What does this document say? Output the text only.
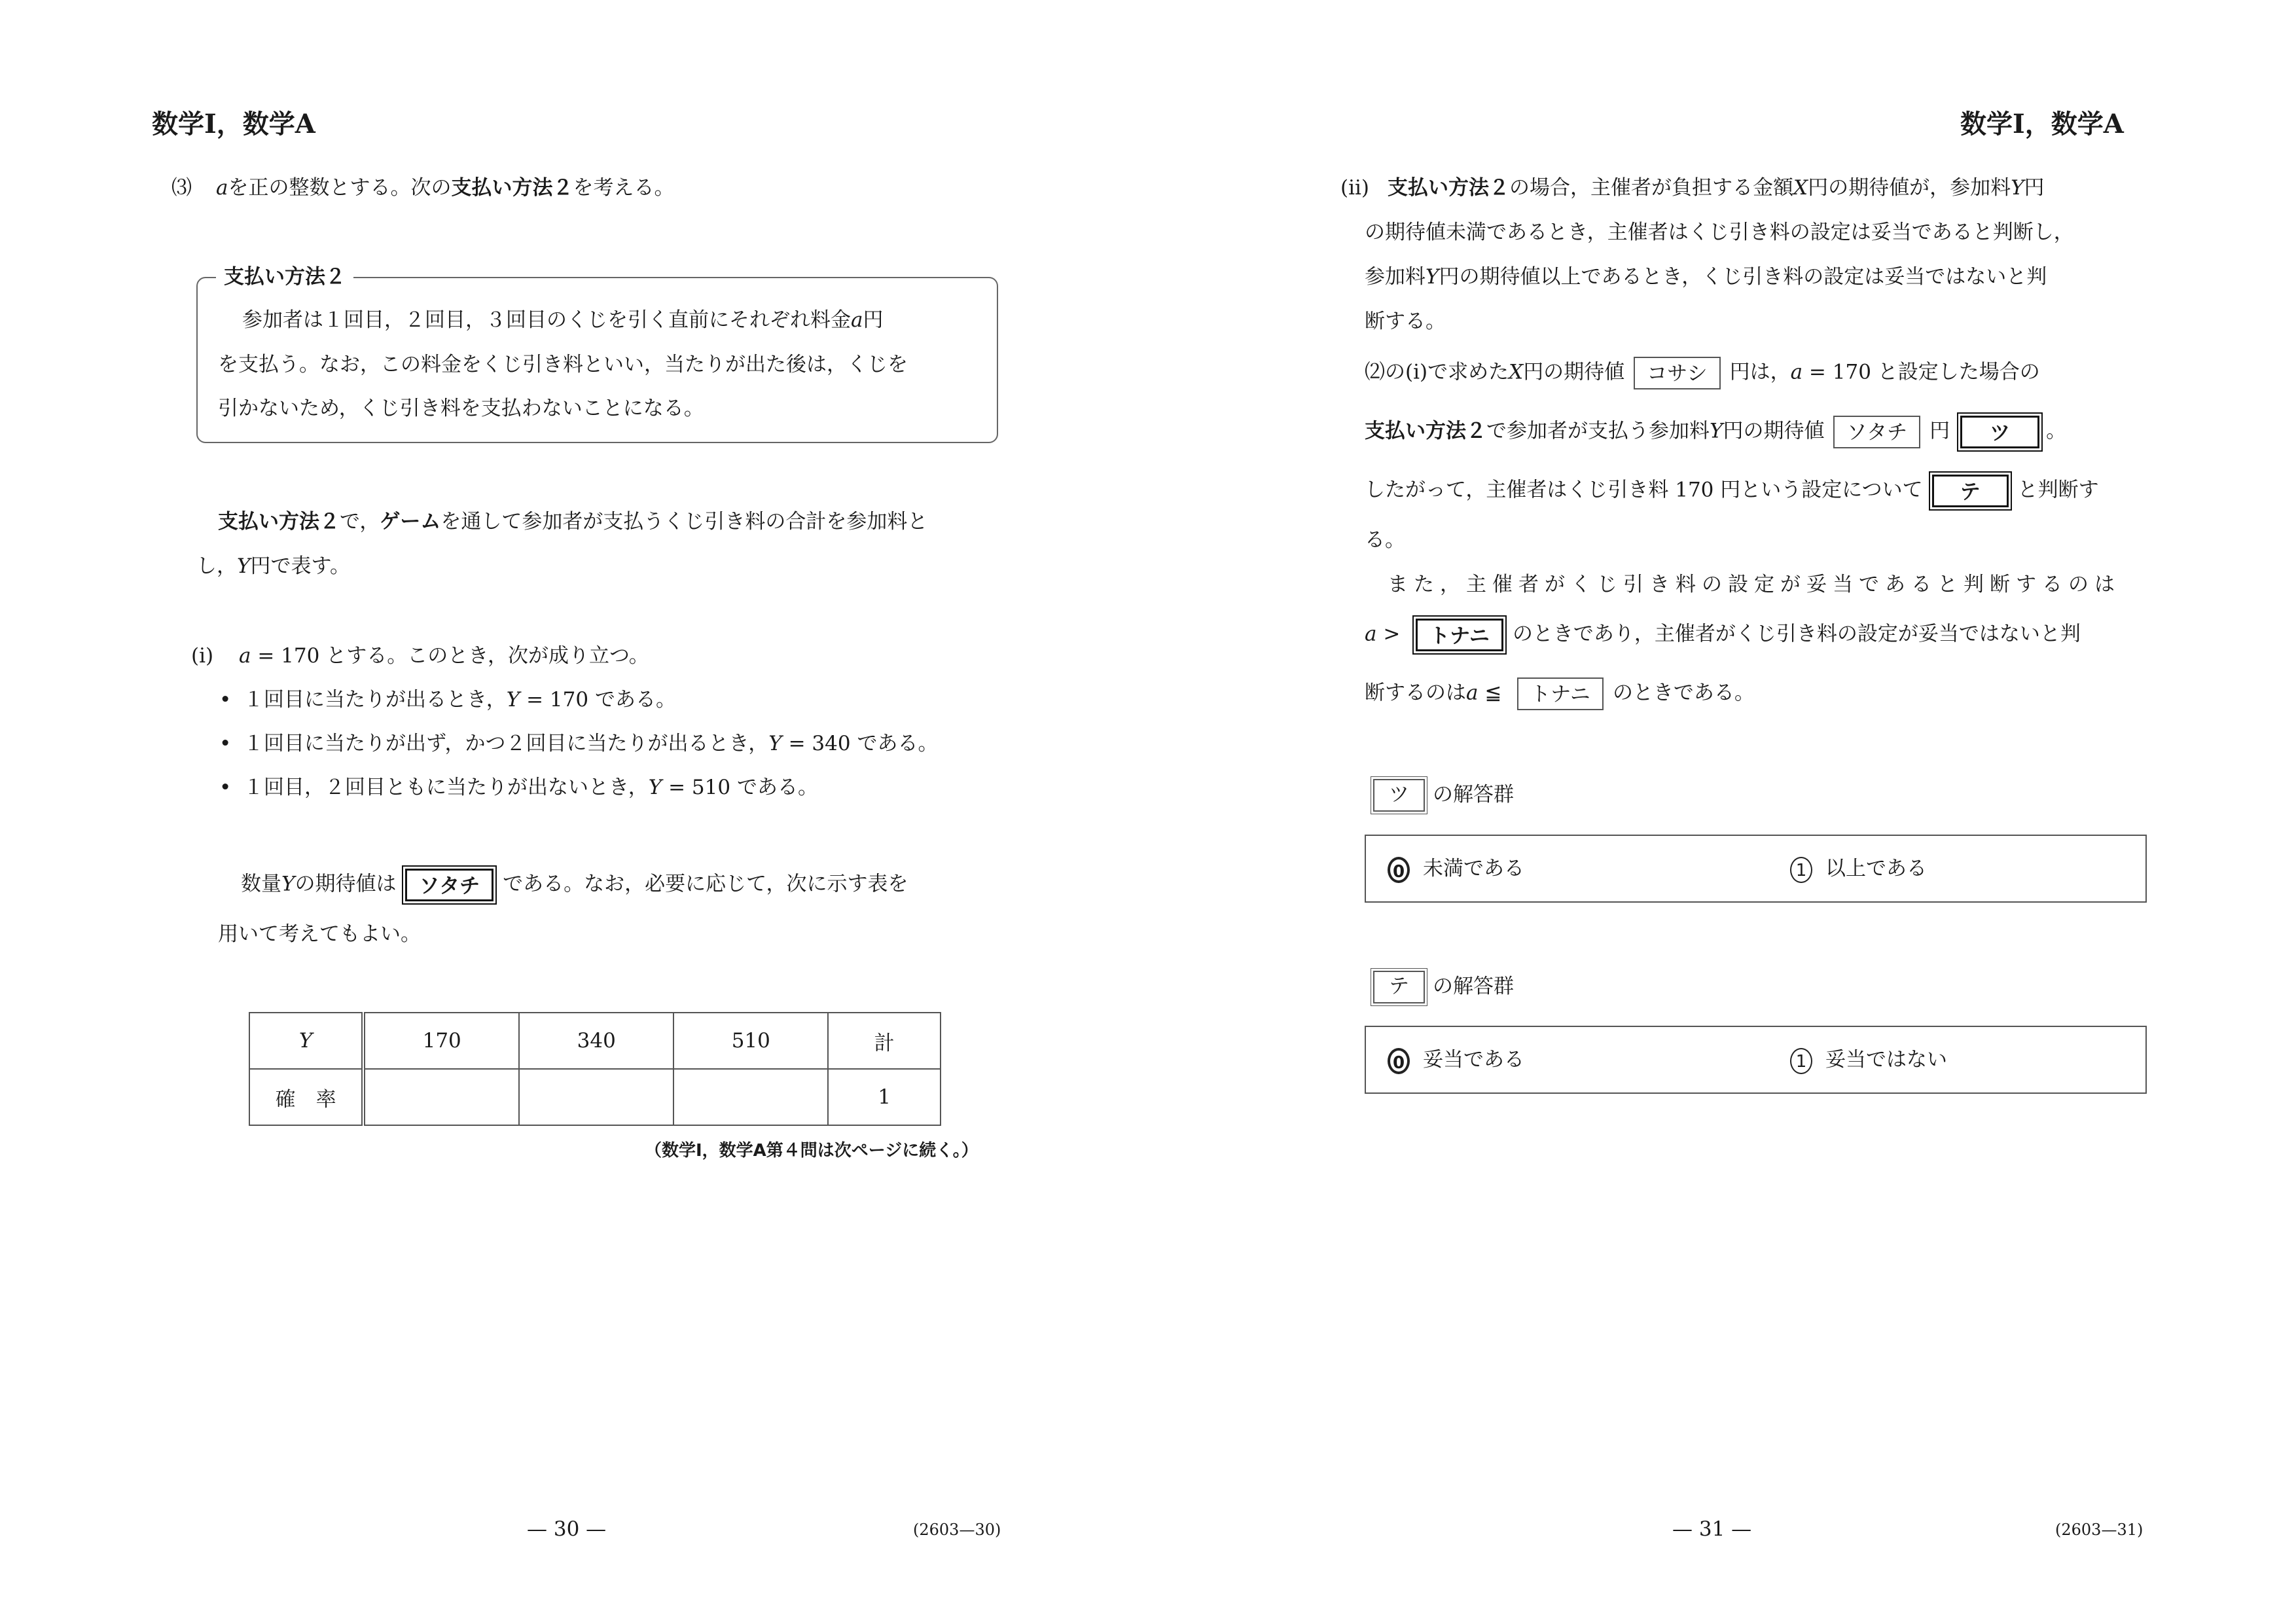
数学Ⅰ，数学A
⑶ aを正の整数とする。次の支払い方法２を考える。
支払い方法２
参加者は１回目，２回目，３回目のくじを引く直前にそれぞれ料金a円
を支払う。なお，この料金をくじ引き料といい，当たりが出た後は，くじを
引かないため，くじ引き料を支払わないことになる。
支払い方法２で，ゲームを通して参加者が支払うくじ引き料の合計を参加料と
し，Y円で表す。
(i) a = 170 とする。このとき，次が成り立つ。
• １回目に当たりが出るとき，Y = 170 である。
• １回目に当たりが出ず，かつ２回目に当たりが出るとき，Y = 340 である。
• １回目，２回目ともに当たりが出ないとき，Y = 510 である。
数量Yの期待値は ソタチ である。なお，必要に応じて，次に示す表を
用いて考えてもよい。
Y	170	340	510	計
確　率				1
（数学Ⅰ，数学A第４問は次ページに続く。）
— 30 —	(2603—30)
数学Ⅰ，数学A
(ii) 支払い方法２の場合，主催者が負担する金額X円の期待値が，参加料Y円
の期待値未満であるとき，主催者はくじ引き料の設定は妥当であると判断し，
参加料Y円の期待値以上であるとき，くじ引き料の設定は妥当ではないと判
断する。
⑵の(i)で求めたX円の期待値 コサシ 円は，a = 170 と設定した場合の
支払い方法２で参加者が支払う参加料Y円の期待値 ソタチ 円 ツ 。
したがって，主催者はくじ引き料 170 円という設定について テ と判断す
る。
また，主催者がくじ引き料の設定が妥当であると判断するのは
a > トナニ のときであり，主催者がくじ引き料の設定が妥当ではないと判
断するのはa ≦ トナニ のときである。
ツ の解答群
0 未満である	1 以上である
テ の解答群
0 妥当である	1 妥当ではない
— 31 —	(2603—31)
